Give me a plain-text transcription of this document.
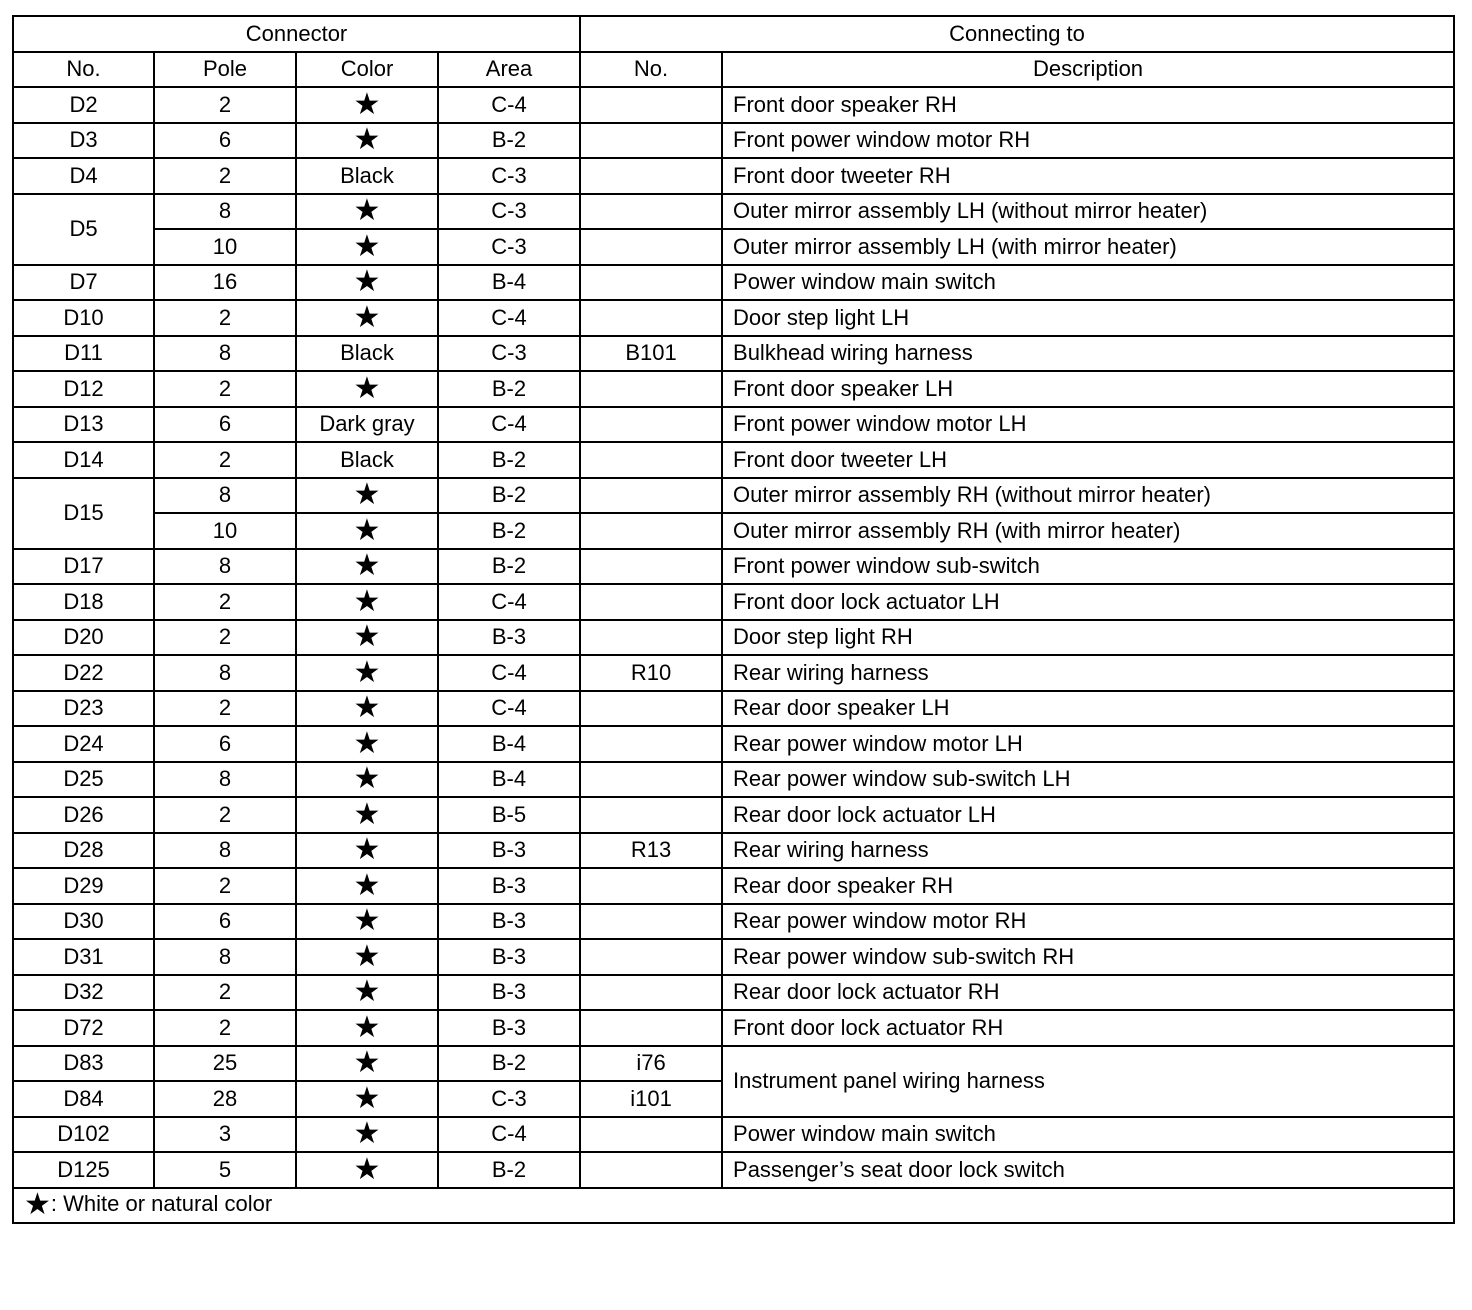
Connector				Connecting to	
No.	Pole	Color	Area	No.	Description
D2	2	★	C-4		Front door speaker RH
D3	6	★	B-2		Front power window motor RH
D4	2	Black	C-3		Front door tweeter RH
D5	8	★	C-3		Outer mirror assembly LH (without mirror heater)
	10	★	C-3		Outer mirror assembly LH (with mirror heater)
D7	16	★	B-4		Power window main switch
D10	2	★	C-4		Door step light LH
D11	8	Black	C-3	B101	Bulkhead wiring harness
D12	2	★	B-2		Front door speaker LH
D13	6	Dark gray	C-4		Front power window motor LH
D14	2	Black	B-2		Front door tweeter LH
D15	8	★	B-2		Outer mirror assembly RH (without mirror heater)
	10	★	B-2		Outer mirror assembly RH (with mirror heater)
D17	8	★	B-2		Front power window sub-switch
D18	2	★	C-4		Front door lock actuator LH
D20	2	★	B-3		Door step light RH
D22	8	★	C-4	R10	Rear wiring harness
D23	2	★	C-4		Rear door speaker LH
D24	6	★	B-4		Rear power window motor LH
D25	8	★	B-4		Rear power window sub-switch LH
D26	2	★	B-5		Rear door lock actuator LH
D28	8	★	B-3	R13	Rear wiring harness
D29	2	★	B-3		Rear door speaker RH
D30	6	★	B-3		Rear power window motor RH
D31	8	★	B-3		Rear power window sub-switch RH
D32	2	★	B-3		Rear door lock actuator RH
D72	2	★	B-3		Front door lock actuator RH
D83	25	★	B-2	i76	Instrument panel wiring harness
D84	28	★	C-3	i101	
D102	3	★	C-4		Power window main switch
D125	5	★	B-2		Passenger’s seat door lock switch
★: White or natural color					
